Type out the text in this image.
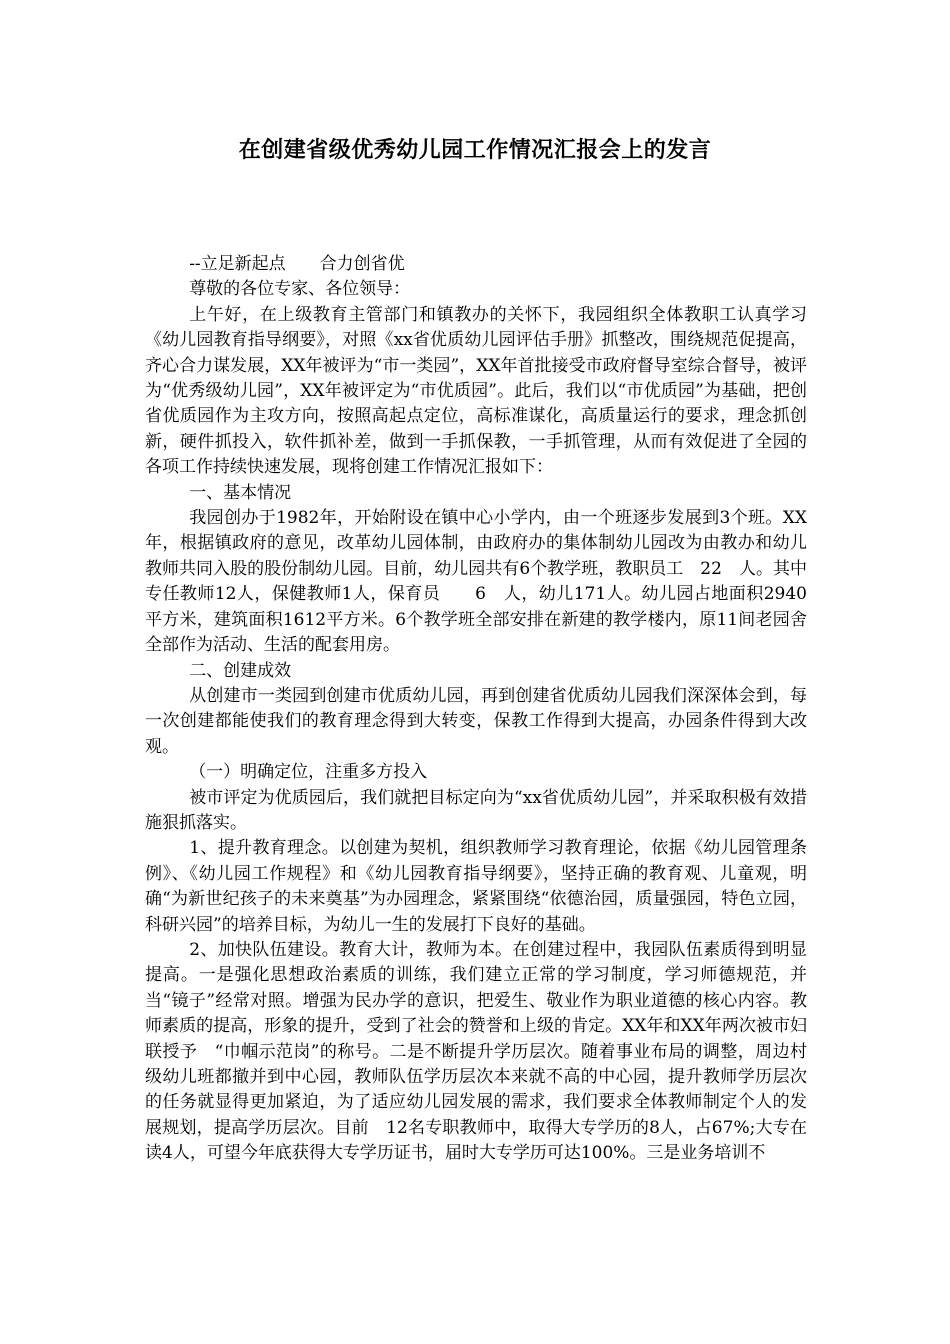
在创建省级优秀幼儿园工作情况汇报会上的发言

--立足新起点　　合力创省优

尊敬的各位专家、各位领导：

上午好，在上级教育主管部门和镇教办的关怀下，我园组织全体教职工认真学习《幼儿园教育指导纲要》，对照《xx省优质幼儿园评估手册》抓整改，围绕规范促提高，齐心合力谋发展，XX年被评为“市一类园”，XX年首批接受市政府督导室综合督导，被评为“优秀级幼儿园”，XX年被评定为“市优质园”。此后，我们以“市优质园”为基础，把创省优质园作为主攻方向，按照高起点定位，高标准谋化，高质量运行的要求，理念抓创新，硬件抓投入，软件抓补差，做到一手抓保教，一手抓管理，从而有效促进了全园的各项工作持续快速发展，现将创建工作情况汇报如下：

一、基本情况

我园创办于1982年，开始附设在镇中心小学内，由一个班逐步发展到3个班。XX年，根据镇政府的意见，改革幼儿园体制，由政府办的集体制幼儿园改为由教办和幼儿教师共同入股的股份制幼儿园。目前，幼儿园共有6个教学班，教职员工　22　人。其中专任教师12人，保健教师1人，保育员　　6　人，幼儿171人。幼儿园占地面积2940平方米，建筑面积1612平方米。6个教学班全部安排在新建的教学楼内，原11间老园舍全部作为活动、生活的配套用房。

二、创建成效

从创建市一类园到创建市优质幼儿园，再到创建省优质幼儿园我们深深体会到，每一次创建都能使我们的教育理念得到大转变，保教工作得到大提高，办园条件得到大改观。

（一）明确定位，注重多方投入

被市评定为优质园后，我们就把目标定向为“xx省优质幼儿园”，并采取积极有效措施狠抓落实。

1、提升教育理念。以创建为契机，组织教师学习教育理论，依据《幼儿园管理条例》、《幼儿园工作规程》和《幼儿园教育指导纲要》，坚持正确的教育观、儿童观，明确“为新世纪孩子的未来奠基”为办园理念，紧紧围绕“依德治园，质量强园，特色立园，科研兴园”的培养目标，为幼儿一生的发展打下良好的基础。

2、加快队伍建设。教育大计，教师为本。在创建过程中，我园队伍素质得到明显提高。一是强化思想政治素质的训练，我们建立正常的学习制度，学习师德规范，并当“镜子”经常对照。增强为民办学的意识，把爱生、敬业作为职业道德的核心内容。教师素质的提高，形象的提升，受到了社会的赞誉和上级的肯定。XX年和XX年两次被市妇联授予　“巾帼示范岗”的称号。二是不断提升学历层次。随着事业布局的调整，周边村级幼儿班都撤并到中心园，教师队伍学历层次本来就不高的中心园，提升教师学历层次的任务就显得更加紧迫，为了适应幼儿园发展的需求，我们要求全体教师制定个人的发展规划，提高学历层次。目前　12名专职教师中，取得大专学历的8人，占67%;大专在读4人，可望今年底获得大专学历证书，届时大专学历可达100%。三是业务培训不
